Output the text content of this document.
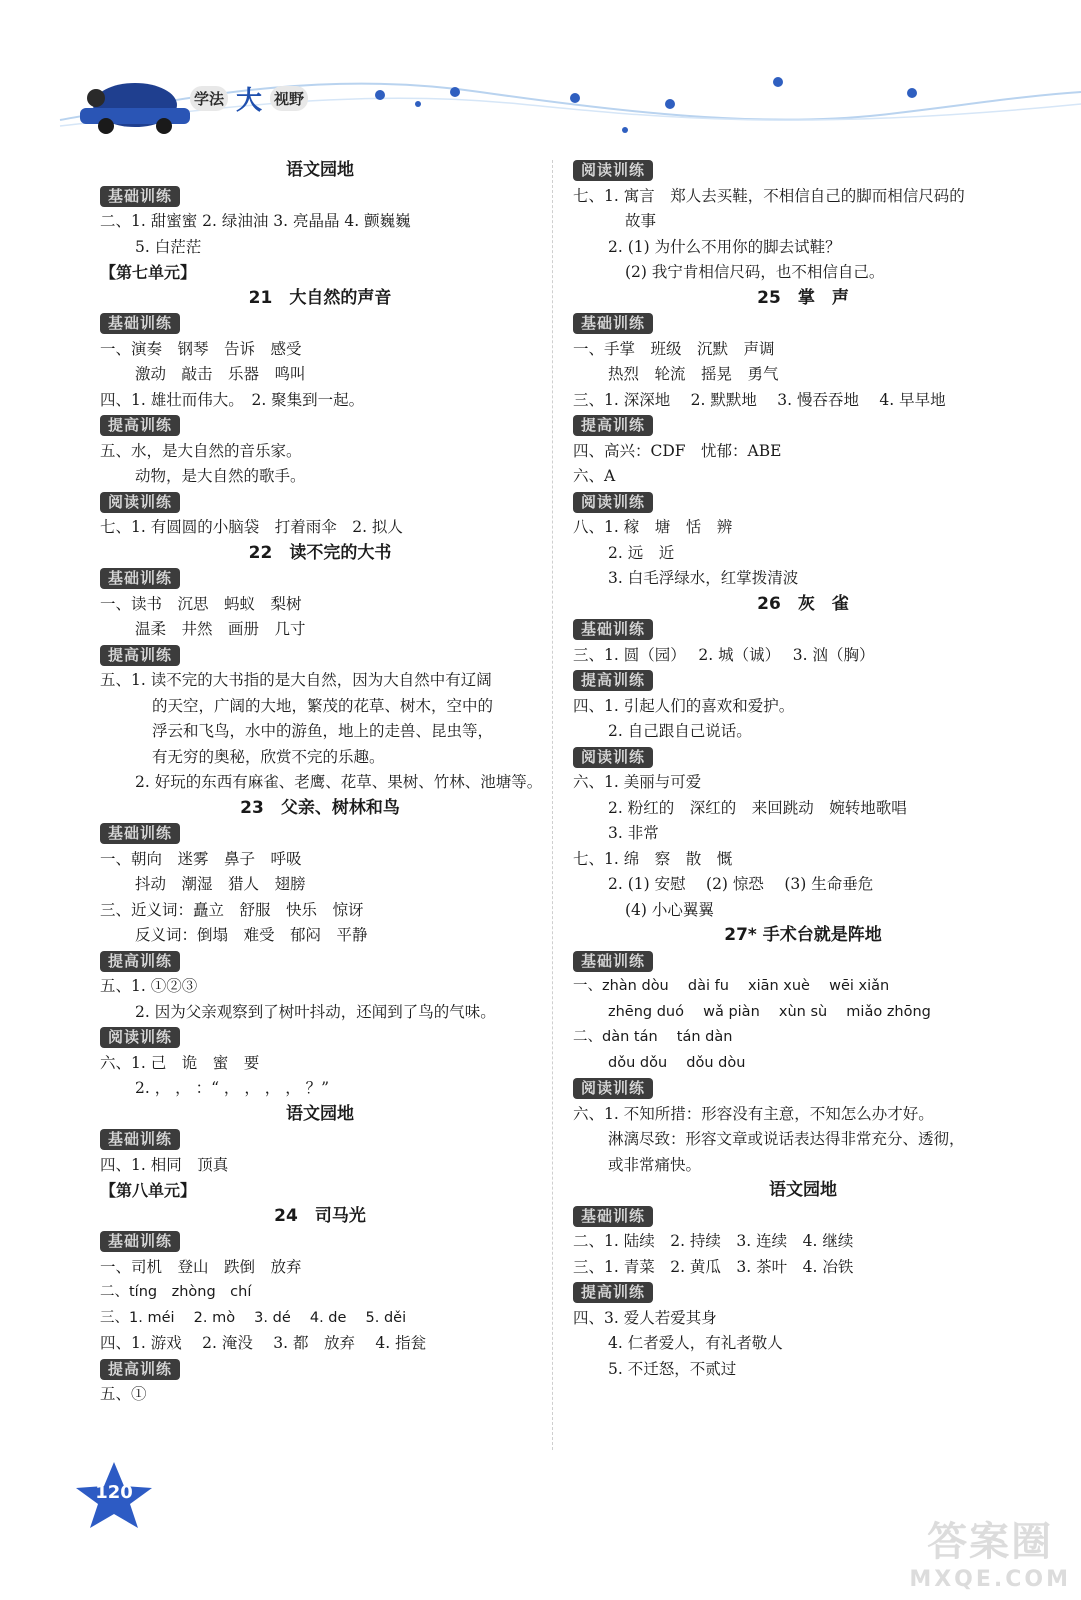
学法 大 视野
语文园地
基础训练
二、1. 甜蜜蜜 2. 绿油油 3. 亮晶晶 4. 颤巍巍
5. 白茫茫
【第七单元】
21　大自然的声音
基础训练
一、演奏　钢琴　告诉　感受
激动　敲击　乐器　鸣叫
四、1. 雄壮而伟大。　2. 聚集到一起。
提高训练
五、水，是大自然的音乐家。
动物，是大自然的歌手。
阅读训练
七、1. 有圆圆的小脑袋　打着雨伞　2. 拟人
22　读不完的大书
基础训练
一、读书　沉思　蚂蚁　梨树
温柔　井然　画册　几寸
提高训练
五、1. 读不完的大书指的是大自然，因为大自然中有辽阔
的天空，广阔的大地，繁茂的花草、树木，空中的
浮云和飞鸟，水中的游鱼，地上的走兽、昆虫等，
有无穷的奥秘，欣赏不完的乐趣。
2. 好玩的东西有麻雀、老鹰、花草、果树、竹林、池塘等。
23　父亲、树林和鸟
基础训练
一、朝向　迷雾　鼻子　呼吸
抖动　潮湿　猎人　翅膀
三、近义词：矗立　舒服　快乐　惊讶
反义词：倒塌　难受　郁闷　平静
提高训练
五、1. ①②③
2. 因为父亲观察到了树叶抖动，还闻到了鸟的气味。
阅读训练
六、1. 己　诡　蜜　要
2. ， ， ：“ ， ， ， ， ？”
语文园地
基础训练
四、1. 相同　顶真
【第八单元】
24　司马光
基础训练
一、司机　登山　跌倒　放弃
二、tíng　zhòng　chí
三、1. méi　 2. mò　 3. dé　 4. de　 5. děi
四、1. 游戏　 2. 淹没　 3. 都　放弃　 4. 指瓮
提高训练
五、①
阅读训练
七、1. 寓言　郑人去买鞋，不相信自己的脚而相信尺码的
故事
2. (1) 为什么不用你的脚去试鞋？
(2) 我宁肯相信尺码，也不相信自己。
25　掌　声
基础训练
一、手掌　班级　沉默　声调
热烈　轮流　摇晃　勇气
三、1. 深深地　 2. 默默地　 3. 慢吞吞地　 4. 早早地
提高训练
四、高兴：CDF　忧郁：ABE
六、A
阅读训练
八、1. 稼　塘　恬　辨
2. 远　近
3. 白毛浮绿水，红掌拨清波
26　灰　雀
基础训练
三、1. 圆（园）　 2. 城（诚）　 3. 汹（胸）
提高训练
四、1. 引起人们的喜欢和爱护。
2. 自己跟自己说话。
阅读训练
六、1. 美丽与可爱
2. 粉红的　深红的　来回跳动　婉转地歌唱
3. 非常
七、1. 绵　察　散　慨
2. (1) 安慰　 (2) 惊恐　 (3) 生命垂危
(4) 小心翼翼
27* 手术台就是阵地
基础训练
一、zhàn dòu　 dài fu　 xiān xuè　 wēi xiǎn
zhēng duó　 wǎ piàn　 xùn sù　 miǎo zhōng
二、dàn tán　 tán dàn
dǒu dǒu　 dǒu dòu
阅读训练
六、1. 不知所措：形容没有主意，不知怎么办才好。
淋漓尽致：形容文章或说话表达得非常充分、透彻，
或非常痛快。
语文园地
基础训练
二、1. 陆续　2. 持续　3. 连续　4. 继续
三、1. 青菜　2. 黄瓜　3. 茶叶　4. 冶铁
提高训练
四、3. 爱人若爱其身
4. 仁者爱人，有礼者敬人
5. 不迁怒，不贰过
120
答案圈
MXQE.COM
